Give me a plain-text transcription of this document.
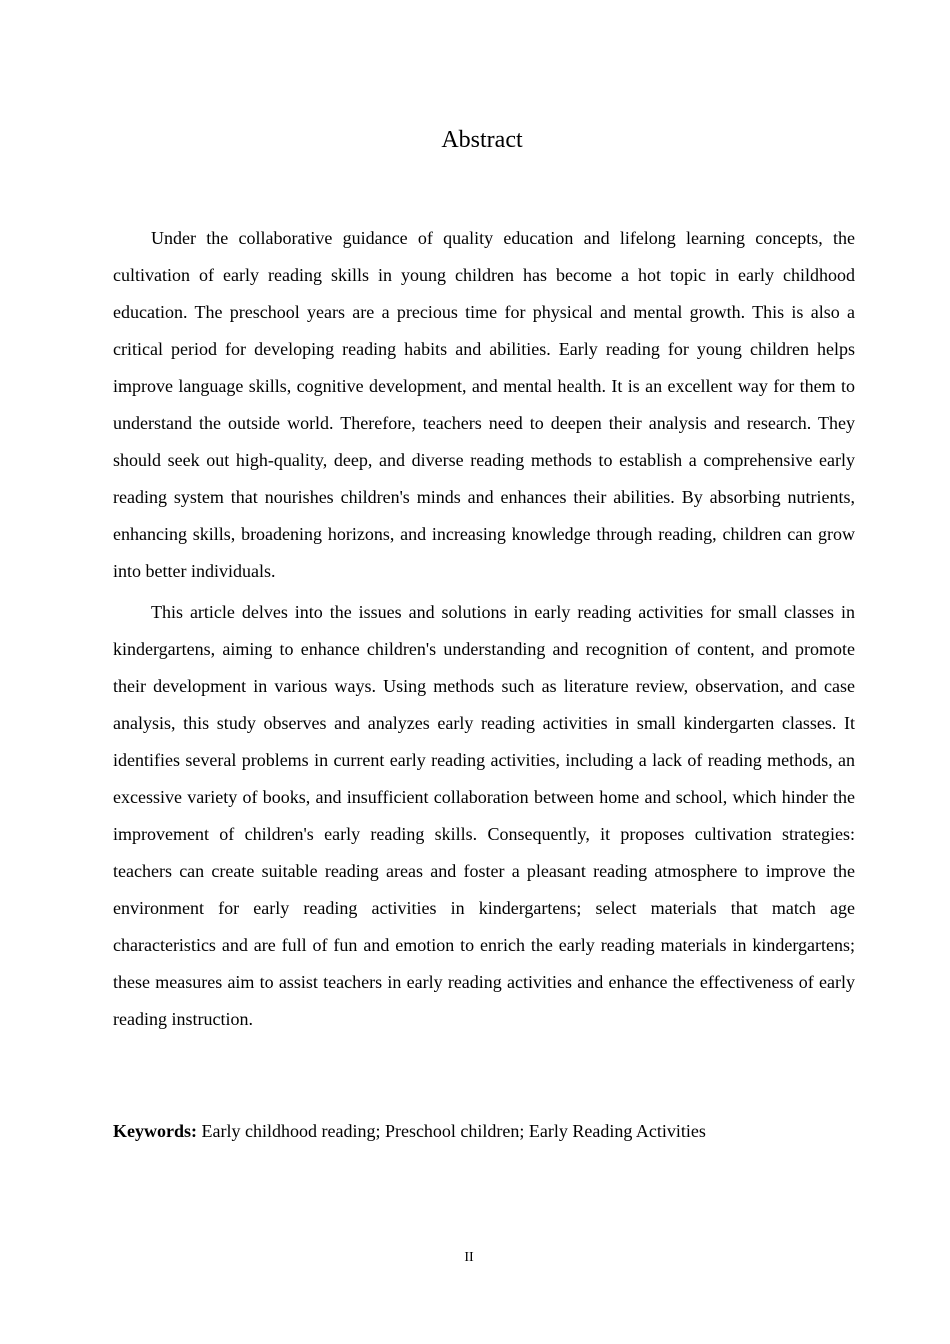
Abstract

Under the collaborative guidance of quality education and lifelong learning concepts, the cultivation of early reading skills in young children has become a hot topic in early childhood education. The preschool years are a precious time for physical and mental growth. This is also a critical period for developing reading habits and abilities. Early reading for young children helps improve language skills, cognitive development, and mental health. It is an excellent way for them to understand the outside world. Therefore, teachers need to deepen their analysis and research. They should seek out high-quality, deep, and diverse reading methods to establish a comprehensive early reading system that nourishes children's minds and enhances their abilities. By absorbing nutrients, enhancing skills, broadening horizons, and increasing knowledge through reading, children can grow into better individuals.

This article delves into the issues and solutions in early reading activities for small classes in kindergartens, aiming to enhance children's understanding and recognition of content, and promote their development in various ways. Using methods such as literature review, observation, and case analysis, this study observes and analyzes early reading activities in small kindergarten classes. It identifies several problems in current early reading activities, including a lack of reading methods, an excessive variety of books, and insufficient collaboration between home and school, which hinder the improvement of children's early reading skills. Consequently, it proposes cultivation strategies: teachers can create suitable reading areas and foster a pleasant reading atmosphere to improve the environment for early reading activities in kindergartens; select materials that match age characteristics and are full of fun and emotion to enrich the early reading materials in kindergartens; these measures aim to assist teachers in early reading activities and enhance the effectiveness of early reading instruction.

Keywords: Early childhood reading; Preschool children; Early Reading Activities

II
